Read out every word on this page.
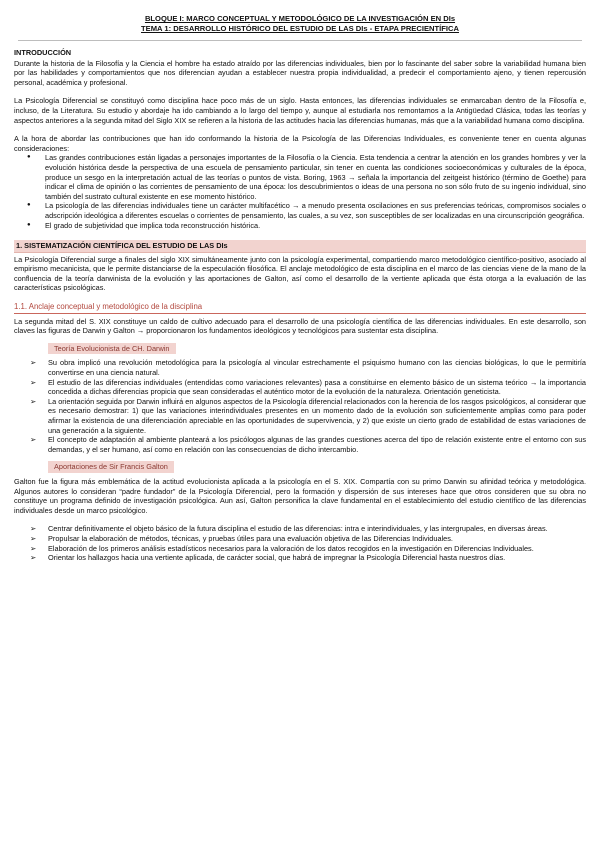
BLOQUE I: MARCO CONCEPTUAL Y METODOLÓGICO DE LA INVESTIGACIÓN EN DIs
TEMA 1: DESARROLLO HISTÓRICO DEL ESTUDIO DE LAS DIs - ETAPA PRECIENTÍFICA
INTRODUCCIÓN

Durante la historia de la Filosofía y la Ciencia el hombre ha estado atraído por las diferencias individuales, bien por lo fascinante del saber sobre la variabilidad humana bien por las habilidades y comportamientos que nos diferencian ayudan a establecer nuestra propia individualidad, a predecir el comportamiento ajeno, y tienen repercusión personal, académica y profesional.

La Psicología Diferencial se constituyó como disciplina hace poco más de un siglo. Hasta entonces, las diferencias individuales se enmarcaban dentro de la Filosofía e, incluso, de la Literatura. Su estudio y abordaje ha ido cambiando a lo largo del tiempo y, aunque al estudiarla nos remontamos a la Antigüedad Clásica, todas las teorías y aspectos anteriores a la segunda mitad del Siglo XIX se refieren a la historia de las actitudes hacia las diferencias humanas, más que a la variabilidad humana como disciplina.

A la hora de abordar las contribuciones que han ido conformando la historia de la Psicología de las Diferencias Individuales, es conveniente tener en cuenta algunas consideraciones:

● Las grandes contribuciones están ligadas a personajes importantes de la Filosofía o la Ciencia. Esta tendencia a centrar la atención en los grandes hombres y ver la evolución histórica desde la perspectiva de una escuela de pensamiento particular, sin tener en cuenta las condiciones socioeconómicas y culturales de la época, produce un sesgo en la interpretación actual de las teorías o puntos de vista. Boring, 1963 → señala la importancia del zeitgeist histórico (término de Goethe) para indicar el clima de opinión o las corrientes de pensamiento de una época: los descubrimientos o ideas de una persona no son sólo fruto de su ingenio individual, sino también del sustrato cultural existente en ese momento histórico.
● La psicología de las diferencias individuales tiene un carácter multifacético → a menudo presenta oscilaciones en sus preferencias teóricas, compromisos sociales o adscripción ideológica a diferentes escuelas o corrientes de pensamiento, las cuales, a su vez, son susceptibles de ser localizadas en una circunscripción geográfica.
● El grado de subjetividad que implica toda reconstrucción histórica.
1. SISTEMATIZACIÓN CIENTÍFICA DEL ESTUDIO DE LAS DIs

La Psicología Diferencial surge a finales del siglo XIX simultáneamente junto con la psicología experimental, compartiendo marco metodológico científico-positivo, asociado al empirismo mecanicista, que le permite distanciarse de la especulación filosófica. El anclaje metodológico de esta disciplina en el marco de las ciencias viene de la mano de la confluencia de la teoría darwinista de la evolución y las aportaciones de Galton, así como el desarrollo de la vertiente aplicada que ésta otorga a la evaluación de las características psicológicas.

1.1. Anclaje conceptual y metodológico de la disciplina

La segunda mitad del S. XIX constituye un caldo de cultivo adecuado para el desarrollo de una psicología científica de las diferencias individuales. En este desarrollo, son claves las figuras de Darwin y Galton → proporcionaron los fundamentos ideológicos y tecnológicos para sustentar esta disciplina.

Teoría Evolucionista de CH. Darwin
➢ Su obra implicó una revolución metodológica para la psicología al vincular estrechamente el psiquismo humano con las ciencias biológicas, lo que le permitiría convertirse en una ciencia natural.
➢ El estudio de las diferencias individuales (entendidas como variaciones relevantes) pasa a constituirse en elemento básico de un sistema teórico → la importancia concedida a dichas diferencias propicia que sean consideradas el auténtico motor de la evolución de la naturaleza. Orientación geneticista.
➢ La orientación seguida por Darwin influirá en algunos aspectos de la Psicología diferencial relacionados con la herencia de los rasgos psicológicos, al considerar que es necesario demostrar: 1) que las variaciones interindividuales presentes en un momento dado de la evolución son suficientemente amplias como para poder afirmar la existencia de una diferenciación apreciable en las oportunidades de supervivencia, y 2) que existe un cierto grado de estabilidad de estas variaciones de una generación a la siguiente.
➢ El concepto de adaptación al ambiente planteará a los psicólogos algunas de las grandes cuestiones acerca del tipo de relación existente entre el entorno con sus demandas, y el ser humano, así como en relación con las consecuencias de dicho intercambio.
Aportaciones de Sir Francis Galton

Galton fue la figura más emblemática de la actitud evolucionista aplicada a la psicología en el S. XIX. Compartía con su primo Darwin su afinidad teórica y metodológica. Algunos autores lo consideran “padre fundador” de la Psicología Diferencial, pero la formación y dispersión de sus intereses hace que otros consideren que su obra no constituye un programa definido de investigación psicológica. Aun así, Galton personifica la clave fundamental en el establecimiento del estudio científico de las diferencias individuales desde un marco psicológico.

➢ Centrar definitivamente el objeto básico de la futura disciplina el estudio de las diferencias: intra e interindividuales, y las intergrupales, en diversas áreas.
➢ Propulsar la elaboración de métodos, técnicas, y pruebas útiles para una evaluación objetiva de las Diferencias Individuales.
➢ Elaboración de los primeros análisis estadísticos necesarios para la valoración de los datos recogidos en la investigación en Diferencias Individuales.
➢ Orientar los hallazgos hacia una vertiente aplicada, de carácter social, que habrá de impregnar la Psicología Diferencial hasta nuestros días.
